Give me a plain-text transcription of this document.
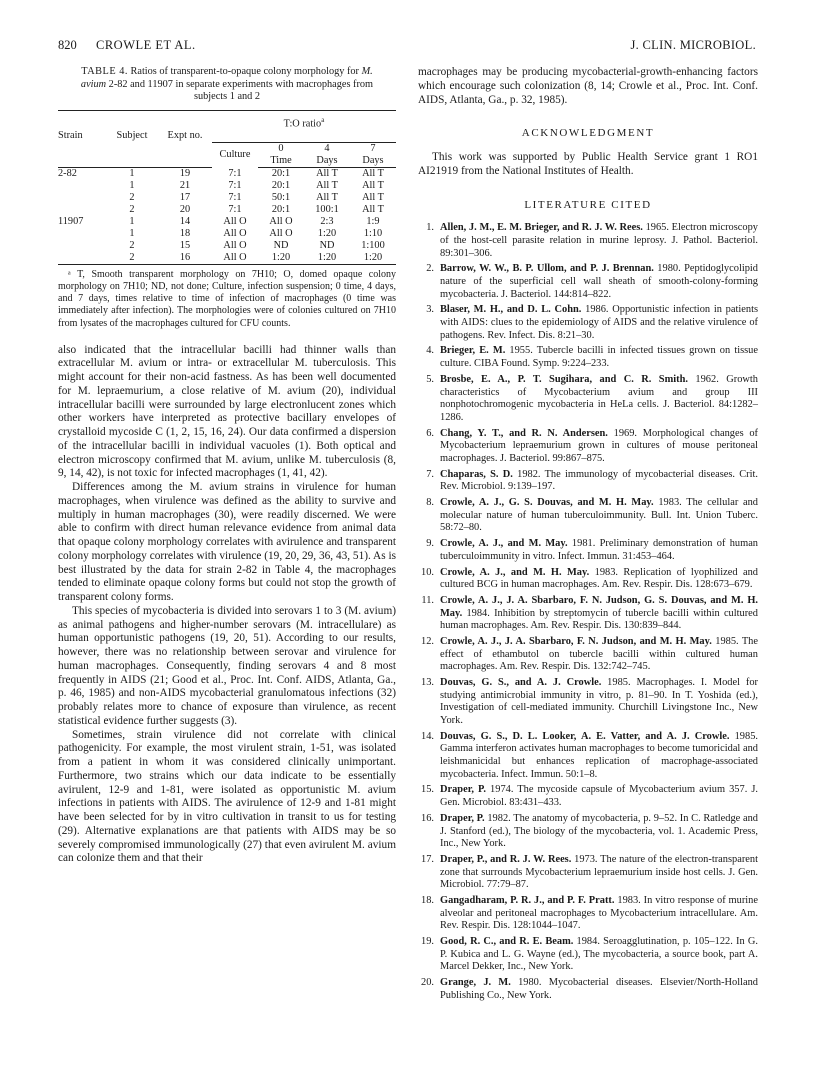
820 CROWLE ET AL.	J. CLIN. MICROBIOL.
TABLE 4. Ratios of transparent-to-opaque colony morphology for M. avium 2-82 and 11907 in separate experiments with macrophages from subjects 1 and 2
			T:O ratio$^a$
Strain	Subject	Expt no.				
			Culture	0	4	7
				Time	Days	Days
2-82	1	19	7:1	20:1	All T	All T
	1	21	7:1	20:1	All T	All T
	2	17	7:1	50:1	All T	All T
	2	20	7:1	20:1	100:1	All T
11907	1	14	All O	All O	2:3	1:9
	1	18	All O	All O	1:20	1:10
	2	15	All O	ND	ND	1:100
	2	16	All O	1:20	1:20	1:20
ᵃ T, Smooth transparent morphology on 7H10; O, domed opaque colony morphology on 7H10; ND, not done; Culture, infection suspension; 0 time, 4 days, and 7 days, times relative to time of infection of macrophages (0 time was immediately after infection). The morphologies were of colonies cultured on 7H10 from lysates of the macrophages cultured for CFU counts.

also indicated that the intracellular bacilli had thinner walls than extracellular M. avium or intra- or extracellular M. tuberculosis. This might account for their non-acid fastness. As has been well documented for M. lepraemurium, a close relative of M. avium (20), individual intracellular bacilli were surrounded by large electronlucent zones which other workers have interpreted as protective bacillary envelopes of crystalloid mycoside C (1, 2, 15, 16, 24). Our data confirmed a dispersion of the intracellular bacilli in individual vacuoles (1). Both optical and electron microscopy confirmed that M. avium, unlike M. tuberculosis (8, 9, 14, 42), is not toxic for infected macrophages (1, 41, 42).

Differences among the M. avium strains in virulence for human macrophages, when virulence was defined as the ability to survive and multiply in human macrophages (30), were readily discerned. We were able to confirm with direct human relevance evidence from animal data that opaque colony morphology correlates with avirulence and transparent colony morphology correlates with virulence (19, 20, 29, 36, 43, 51). As is best illustrated by the data for strain 2-82 in Table 4, the macrophages tended to eliminate opaque colony forms but could not stop the growth of transparent colony forms.

This species of mycobacteria is divided into serovars 1 to 3 (M. avium) as animal pathogens and higher-number serovars (M. intracellulare) as human opportunistic pathogens (19, 20, 51). According to our results, however, there was no relationship between serovar and virulence for human macrophages. Consequently, finding serovars 4 and 8 most frequently in AIDS (21; Good et al., Proc. Int. Conf. AIDS, Atlanta, Ga., p. 46, 1985) and non-AIDS mycobacterial granulomatous infections (32) probably relates more to chance of exposure than virulence, as recent statistical evidence further suggests (3).

Sometimes, strain virulence did not correlate with clinical pathogenicity. For example, the most virulent strain, 1-51, was isolated from a patient in whom it was considered clinically unimportant. Furthermore, two strains which our data indicate to be essentially avirulent, 12-9 and 1-81, were isolated as opportunistic M. avium infections in patients with AIDS. The avirulence of 12-9 and 1-81 might have been selected for by in vitro cultivation in transit to us for testing (29). Alternative explanations are that patients with AIDS may be so severely compromised immunologically (27) that even avirulent M. avium can colonize them and that their

macrophages may be producing mycobacterial-growth-enhancing factors which encourage such colonization (8, 14; Crowle et al., Proc. Int. Conf. AIDS, Atlanta, Ga., p. 32, 1985).
ACKNOWLEDGMENT
This work was supported by Public Health Service grant 1 RO1 AI21919 from the National Institutes of Health.
LITERATURE CITED
1. Allen, J. M., E. M. Brieger, and R. J. W. Rees. 1965. Electron microscopy of the host-cell parasite relation in murine leprosy. J. Pathol. Bacteriol. 89:301–306.
2. Barrow, W. W., B. P. Ullom, and P. J. Brennan. 1980. Peptidoglycolipid nature of the superficial cell wall sheath of smooth-colony-forming mycobacteria. J. Bacteriol. 144:814–822.
3. Blaser, M. H., and D. L. Cohn. 1986. Opportunistic infection in patients with AIDS: clues to the epidemiology of AIDS and the relative virulence of pathogens. Rev. Infect. Dis. 8:21–30.
4. Brieger, E. M. 1955. Tubercle bacilli in infected tissues grown on tissue culture. CIBA Found. Symp. 9:224–233.
5. Brosbe, E. A., P. T. Sugihara, and C. R. Smith. 1962. Growth characteristics of Mycobacterium avium and group III nonphotochromogenic mycobacteria in HeLa cells. J. Bacteriol. 84:1282–1286.
6. Chang, Y. T., and R. N. Andersen. 1969. Morphological changes of Mycobacterium lepraemurium grown in cultures of mouse peritoneal macrophages. J. Bacteriol. 99:867–875.
7. Chaparas, S. D. 1982. The immunology of mycobacterial diseases. Crit. Rev. Microbiol. 9:139–197.
8. Crowle, A. J., G. S. Douvas, and M. H. May. 1983. The cellular and molecular nature of human tuberculoimmunity. Bull. Int. Union Tuberc. 58:72–80.
9. Crowle, A. J., and M. May. 1981. Preliminary demonstration of human tuberculoimmunity in vitro. Infect. Immun. 31:453–464.
10. Crowle, A. J., and M. H. May. 1983. Replication of lyophilized and cultured BCG in human macrophages. Am. Rev. Respir. Dis. 128:673–679.
11. Crowle, A. J., J. A. Sbarbaro, F. N. Judson, G. S. Douvas, and M. H. May. 1984. Inhibition by streptomycin of tubercle bacilli within cultured human macrophages. Am. Rev. Respir. Dis. 130:839–844.
12. Crowle, A. J., J. A. Sbarbaro, F. N. Judson, and M. H. May. 1985. The effect of ethambutol on tubercle bacilli within cultured human macrophages. Am. Rev. Respir. Dis. 132:742–745.
13. Douvas, G. S., and A. J. Crowle. 1985. Macrophages. I. Model for studying antimicrobial immunity in vitro, p. 81–90. In T. Yoshida (ed.), Investigation of cell-mediated immunity. Churchill Livingstone Inc., New York.
14. Douvas, G. S., D. L. Looker, A. E. Vatter, and A. J. Crowle. 1985. Gamma interferon activates human macrophages to become tumoricidal and leishmanicidal but enhances replication of macrophage-associated mycobacteria. Infect. Immun. 50:1–8.
15. Draper, P. 1974. The mycoside capsule of Mycobacterium avium 357. J. Gen. Microbiol. 83:431–433.
16. Draper, P. 1982. The anatomy of mycobacteria, p. 9–52. In C. Ratledge and J. Stanford (ed.), The biology of the mycobacteria, vol. 1. Academic Press, Inc., New York.
17. Draper, P., and R. J. W. Rees. 1973. The nature of the electron-transparent zone that surrounds Mycobacterium lepraemurium inside host cells. J. Gen. Microbiol. 77:79–87.
18. Gangadharam, P. R. J., and P. F. Pratt. 1983. In vitro response of murine alveolar and peritoneal macrophages to Mycobacterium intracellulare. Am. Rev. Respir. Dis. 128:1044–1047.
19. Good, R. C., and R. E. Beam. 1984. Seroagglutination, p. 105–122. In G. P. Kubica and L. G. Wayne (ed.), The mycobacteria, a source book, part A. Marcel Dekker, Inc., New York.
20. Grange, J. M. 1980. Mycobacterial diseases. Elsevier/North-Holland Publishing Co., New York.
